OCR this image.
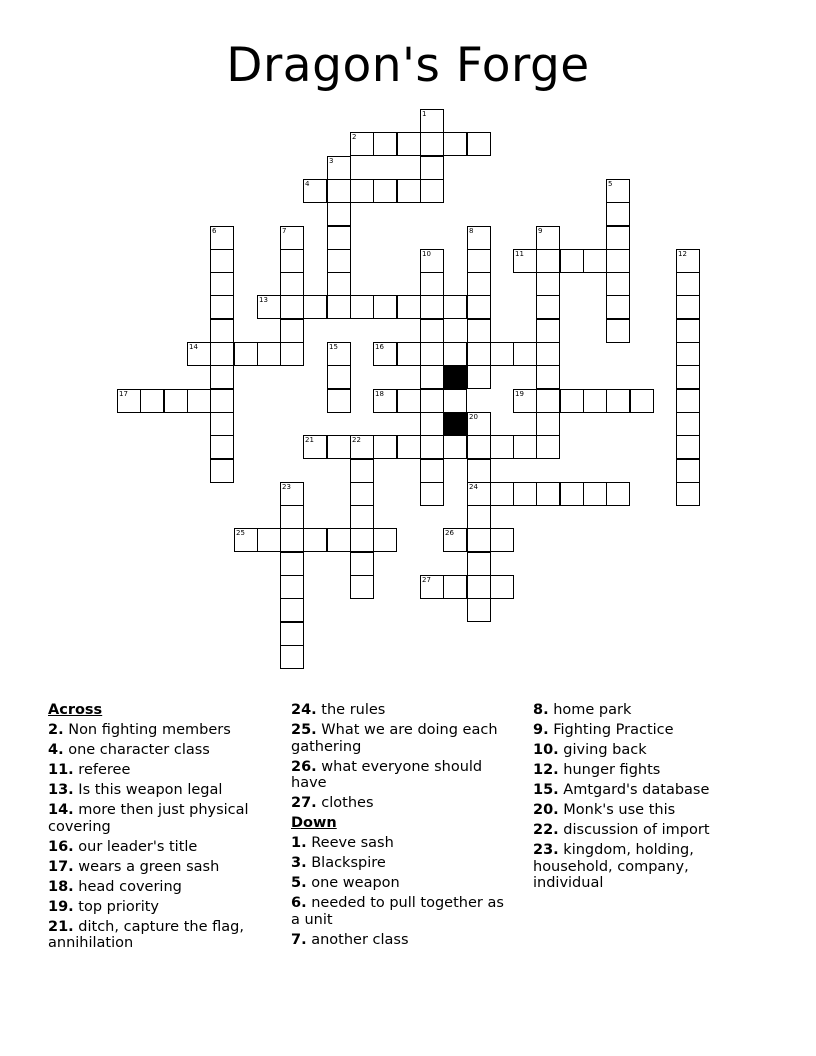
Dragon's Forge
2
4
11
13
14	16
17	18	19
21	22
24
25	26
27
1
3
5
6	7	8	9
10	12
15
20
23
Across
2. Non fighting members
4. one character class
11. referee
13. Is this weapon legal
14. more then just physical covering
16. our leader's title
17. wears a green sash
18. head covering
19. top priority
21. ditch, capture the flag, annihilation
24. the rules
25. What we are doing each gathering
26. what everyone should have
27. clothes
Down
1. Reeve sash
3. Blackspire
5. one weapon
6. needed to pull together as a unit
7. another class
8. home park
9. Fighting Practice
10. giving back
12. hunger fights
15. Amtgard's database
20. Monk's use this
22. discussion of import
23. kingdom, holding, household, company, individual
